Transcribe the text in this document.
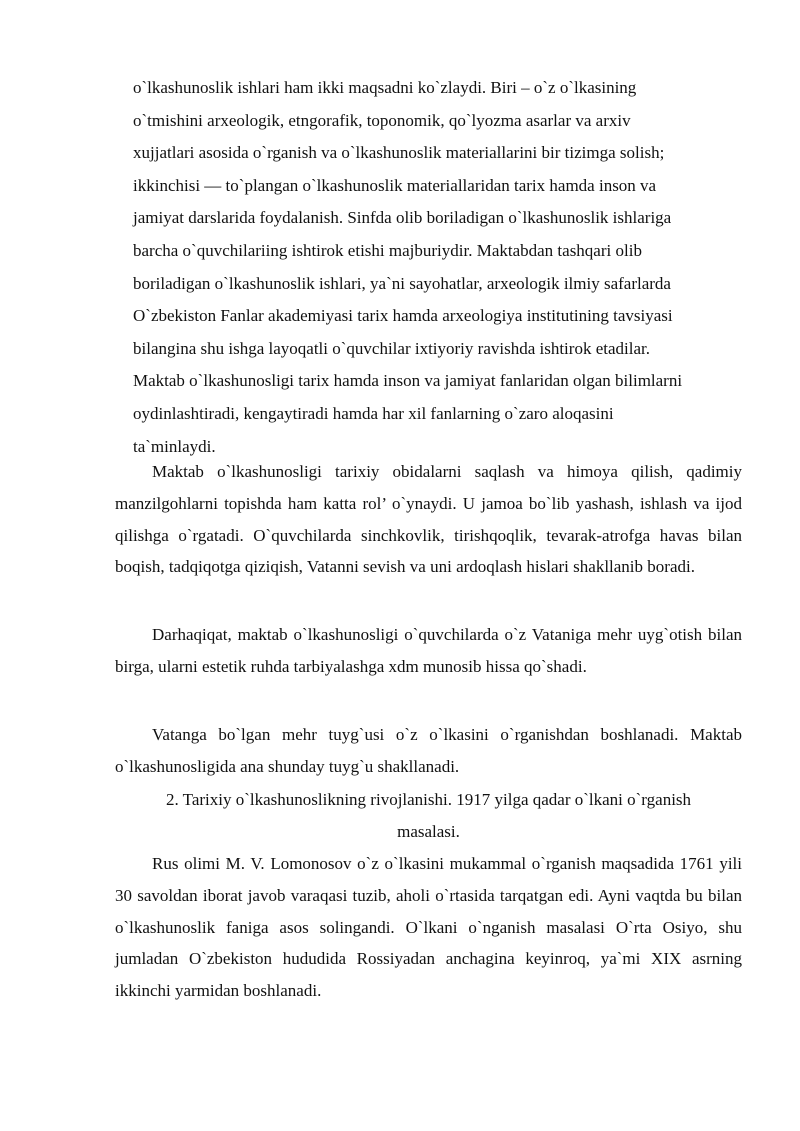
o`lkashunoslik ishlari ham ikki maqsadni ko`zlaydi. Biri – o`z o`lkasining
o`tmishini arxeologik, etngorafik, toponomik, qo`lyozma asarlar va arxiv
xujjatlari asosida o`rganish va o`lkashunoslik materiallarini bir tizimga solish;
ikkinchisi — to`plangan o`lkashunoslik materiallaridan tarix hamda inson va
jamiyat darslarida foydalanish. Sinfda olib boriladigan o`lkashunoslik ishlariga
barcha o`quvchilariing ishtirok etishi majburiydir. Maktabdan tashqari olib
boriladigan o`lkashunoslik ishlari, ya`ni sayohatlar, arxeologik ilmiy safarlarda
O`zbekiston Fanlar akademiyasi tarix hamda arxeologiya institutining tavsiyasi
bilangina shu ishga layoqatli o`quvchilar ixtiyoriy ravishda ishtirok etadilar.
Maktab o`lkashunosligi tarix hamda inson va jamiyat fanlaridan olgan bilimlarni
oydinlashtiradi, kengaytiradi hamda har xil fanlarning o`zaro aloqasini
ta`minlaydi.

Maktab o`lkashunosligi tarixiy obidalarni saqlash va himoya qilish, qadimiy manzilgohlarni topishda ham katta rol’ o`ynaydi. U jamoa bo`lib yashash, ishlash va ijod qilishga o`rgatadi. O`quvchilarda sinchkovlik, tirishqoqlik, tevarak-atrofga havas bilan boqish, tadqiqotga qiziqish, Vatanni sevish va uni ardoqlash hislari shakllanib boradi.

Darhaqiqat, maktab o`lkashunosligi o`quvchilarda o`z Vataniga mehr uyg`otish bilan birga, ularni estetik ruhda tarbiyalashga xdm munosib hissa qo`shadi.

Vatanga bo`lgan mehr tuyg`usi o`z o`lkasini o`rganishdan boshlanadi. Maktab o`lkashunosligida ana shunday tuyg`u shakllanadi.

2. Tarixiy o`lkashunoslikning rivojlanishi. 1917 yilga qadar o`lkani o`rganish
masalasi.

Rus olimi M. V. Lomonosov o`z o`lkasini mukammal o`rganish maqsadida 1761 yili 30 savoldan iborat javob varaqasi tuzib, aholi o`rtasida tarqatgan edi. Ayni vaqtda bu bilan o`lkashunoslik faniga asos solingandi. O`lkani o`nganish masalasi O`rta Osiyo, shu jumladan O`zbekiston hududida Rossiyadan anchagina keyinroq, ya`mi XIX asrning ikkinchi yarmidan boshlanadi.
